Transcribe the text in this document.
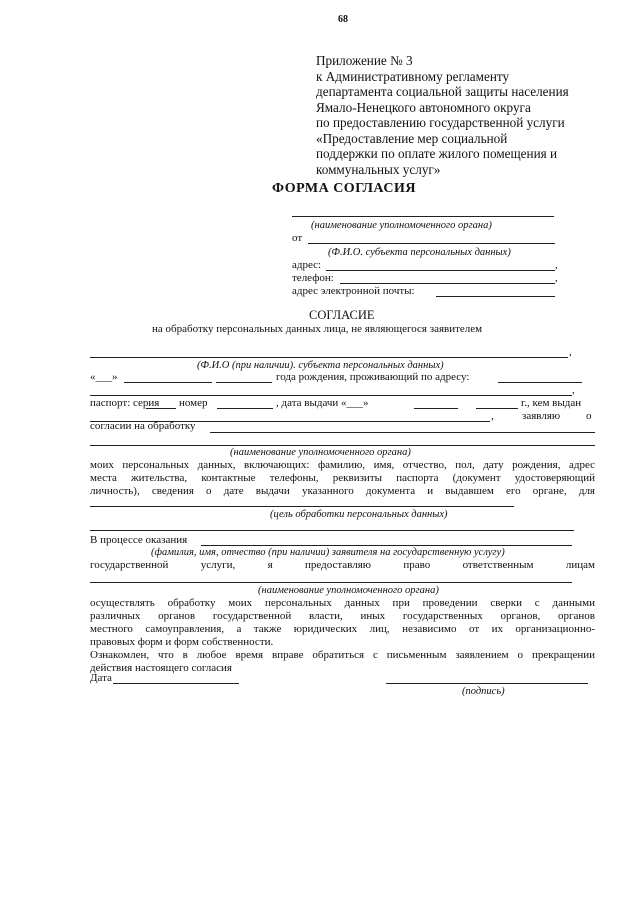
68
Приложение № 3
к Административному регламенту
департамента социальной защиты населения
Ямало-Ненецкого автономного округа
по предоставлению государственной услуги
«Предоставление мер социальной
поддержки по оплате жилого помещения и
коммунальных услуг»
ФОРМА СОГЛАСИЯ
(наименование уполномоченного органа)
от
(Ф.И.О. субъекта персональных данных)
адрес:	,
телефон:	,
адрес электронной почты:
СОГЛАСИЕ
на обработку персональных данных лица, не являющегося заявителем
,
(Ф.И.О (при наличии). субъекта персональных данных)
«___»	года рождения, проживающий по адресу:
,
паспорт: серия номер	, дата выдачи «___»	г., кем выдан
,	заявляю о
согласии на обработку
(наименование уполномоченного органа)
моих персональных данных, включающих: фамилию, имя, отчество, пол, дату рождения, адрес
места жительства, контактные телефоны, реквизиты паспорта (документ удостоверяющий
личность), сведения о дате выдачи указанного документа и выдавшем его органе, для
(цель обработки персональных данных)
В процессе оказания
(фамилия, имя, отчество (при наличии) заявителя на государственную услугу)
государственной	услуги,	я	предоставляю	право	ответственным	лицам
(наименование уполномоченного органа)
осуществлять обработку моих персональных данных при проведении сверки с данными
различных органов государственной власти, иных государственных органов, органов
местного самоуправления, а также юридических лиц, независимо от их организационно-
правовых форм и форм собственности.
Ознакомлен, что в любое время вправе обратиться с письменным заявлением о прекращении
действия настоящего согласия
Дата
(подпись)
